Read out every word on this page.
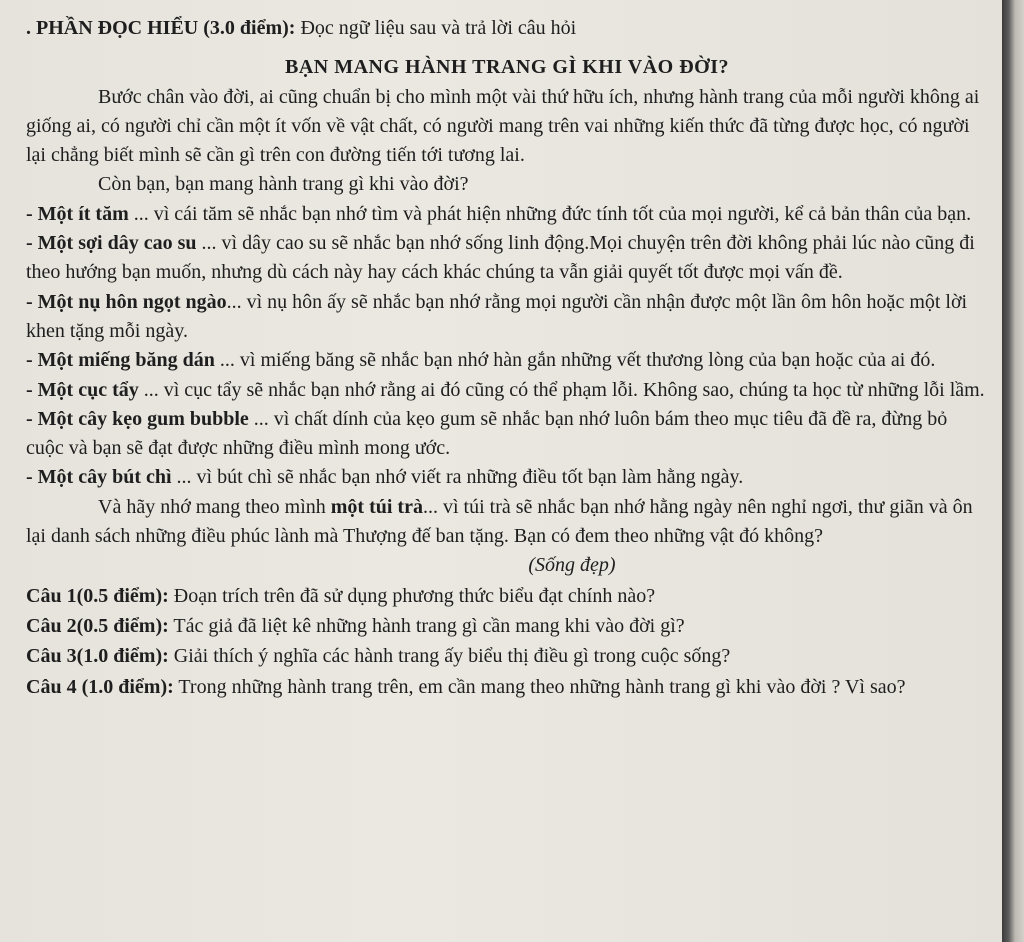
. PHẦN ĐỌC HIỂU (3.0 điểm): Đọc ngữ liệu sau và trả lời câu hỏi

BẠN MANG HÀNH TRANG GÌ KHI VÀO ĐỜI?

Bước chân vào đời, ai cũng chuẩn bị cho mình một vài thứ hữu ích, nhưng hành trang của mỗi người không ai giống ai, có người chỉ cần một ít vốn về vật chất, có người mang trên vai những kiến thức đã từng được học, có người lại chẳng biết mình sẽ cần gì trên con đường tiến tới tương lai.

Còn bạn, bạn mang hành trang gì khi vào đời?

- Một ít tăm ... vì cái tăm sẽ nhắc bạn nhớ tìm và phát hiện những đức tính tốt của mọi người, kể cả bản thân của bạn.

- Một sợi dây cao su ... vì dây cao su sẽ nhắc bạn nhớ sống linh động.Mọi chuyện trên đời không phải lúc nào cũng đi theo hướng bạn muốn, nhưng dù cách này hay cách khác chúng ta vẫn giải quyết tốt được mọi vấn đề.

- Một nụ hôn ngọt ngào... vì nụ hôn ấy sẽ nhắc bạn nhớ rằng mọi người cần nhận được một lần ôm hôn hoặc một lời khen tặng mỗi ngày.

- Một miếng băng dán ... vì miếng băng sẽ nhắc bạn nhớ hàn gắn những vết thương lòng của bạn hoặc của ai đó.

- Một cục tẩy ... vì cục tẩy sẽ nhắc bạn nhớ rằng ai đó cũng có thể phạm lỗi. Không sao, chúng ta học từ những lỗi lầm.

- Một cây kẹo gum bubble ... vì chất dính của kẹo gum sẽ nhắc bạn nhớ luôn bám theo mục tiêu đã đề ra, đừng bỏ cuộc và bạn sẽ đạt được những điều mình mong ước.

- Một cây bút chì ... vì bút chì sẽ nhắc bạn nhớ viết ra những điều tốt bạn làm hằng ngày.

Và hãy nhớ mang theo mình một túi trà... vì túi trà sẽ nhắc bạn nhớ hằng ngày nên nghỉ ngơi, thư giãn và ôn lại danh sách những điều phúc lành mà Thượng đế ban tặng. Bạn có đem theo những vật đó không?

(Sống đẹp)

Câu 1(0.5 điểm): Đoạn trích trên đã sử dụng phương thức biểu đạt chính nào?

Câu 2(0.5 điểm): Tác giả đã liệt kê những hành trang gì cần mang khi vào đời gì?

Câu 3(1.0 điểm): Giải thích ý nghĩa các hành trang ấy biểu thị điều gì trong cuộc sống?

Câu 4 (1.0 điểm): Trong những hành trang trên, em cần mang theo những hành trang gì khi vào đời ? Vì sao?
